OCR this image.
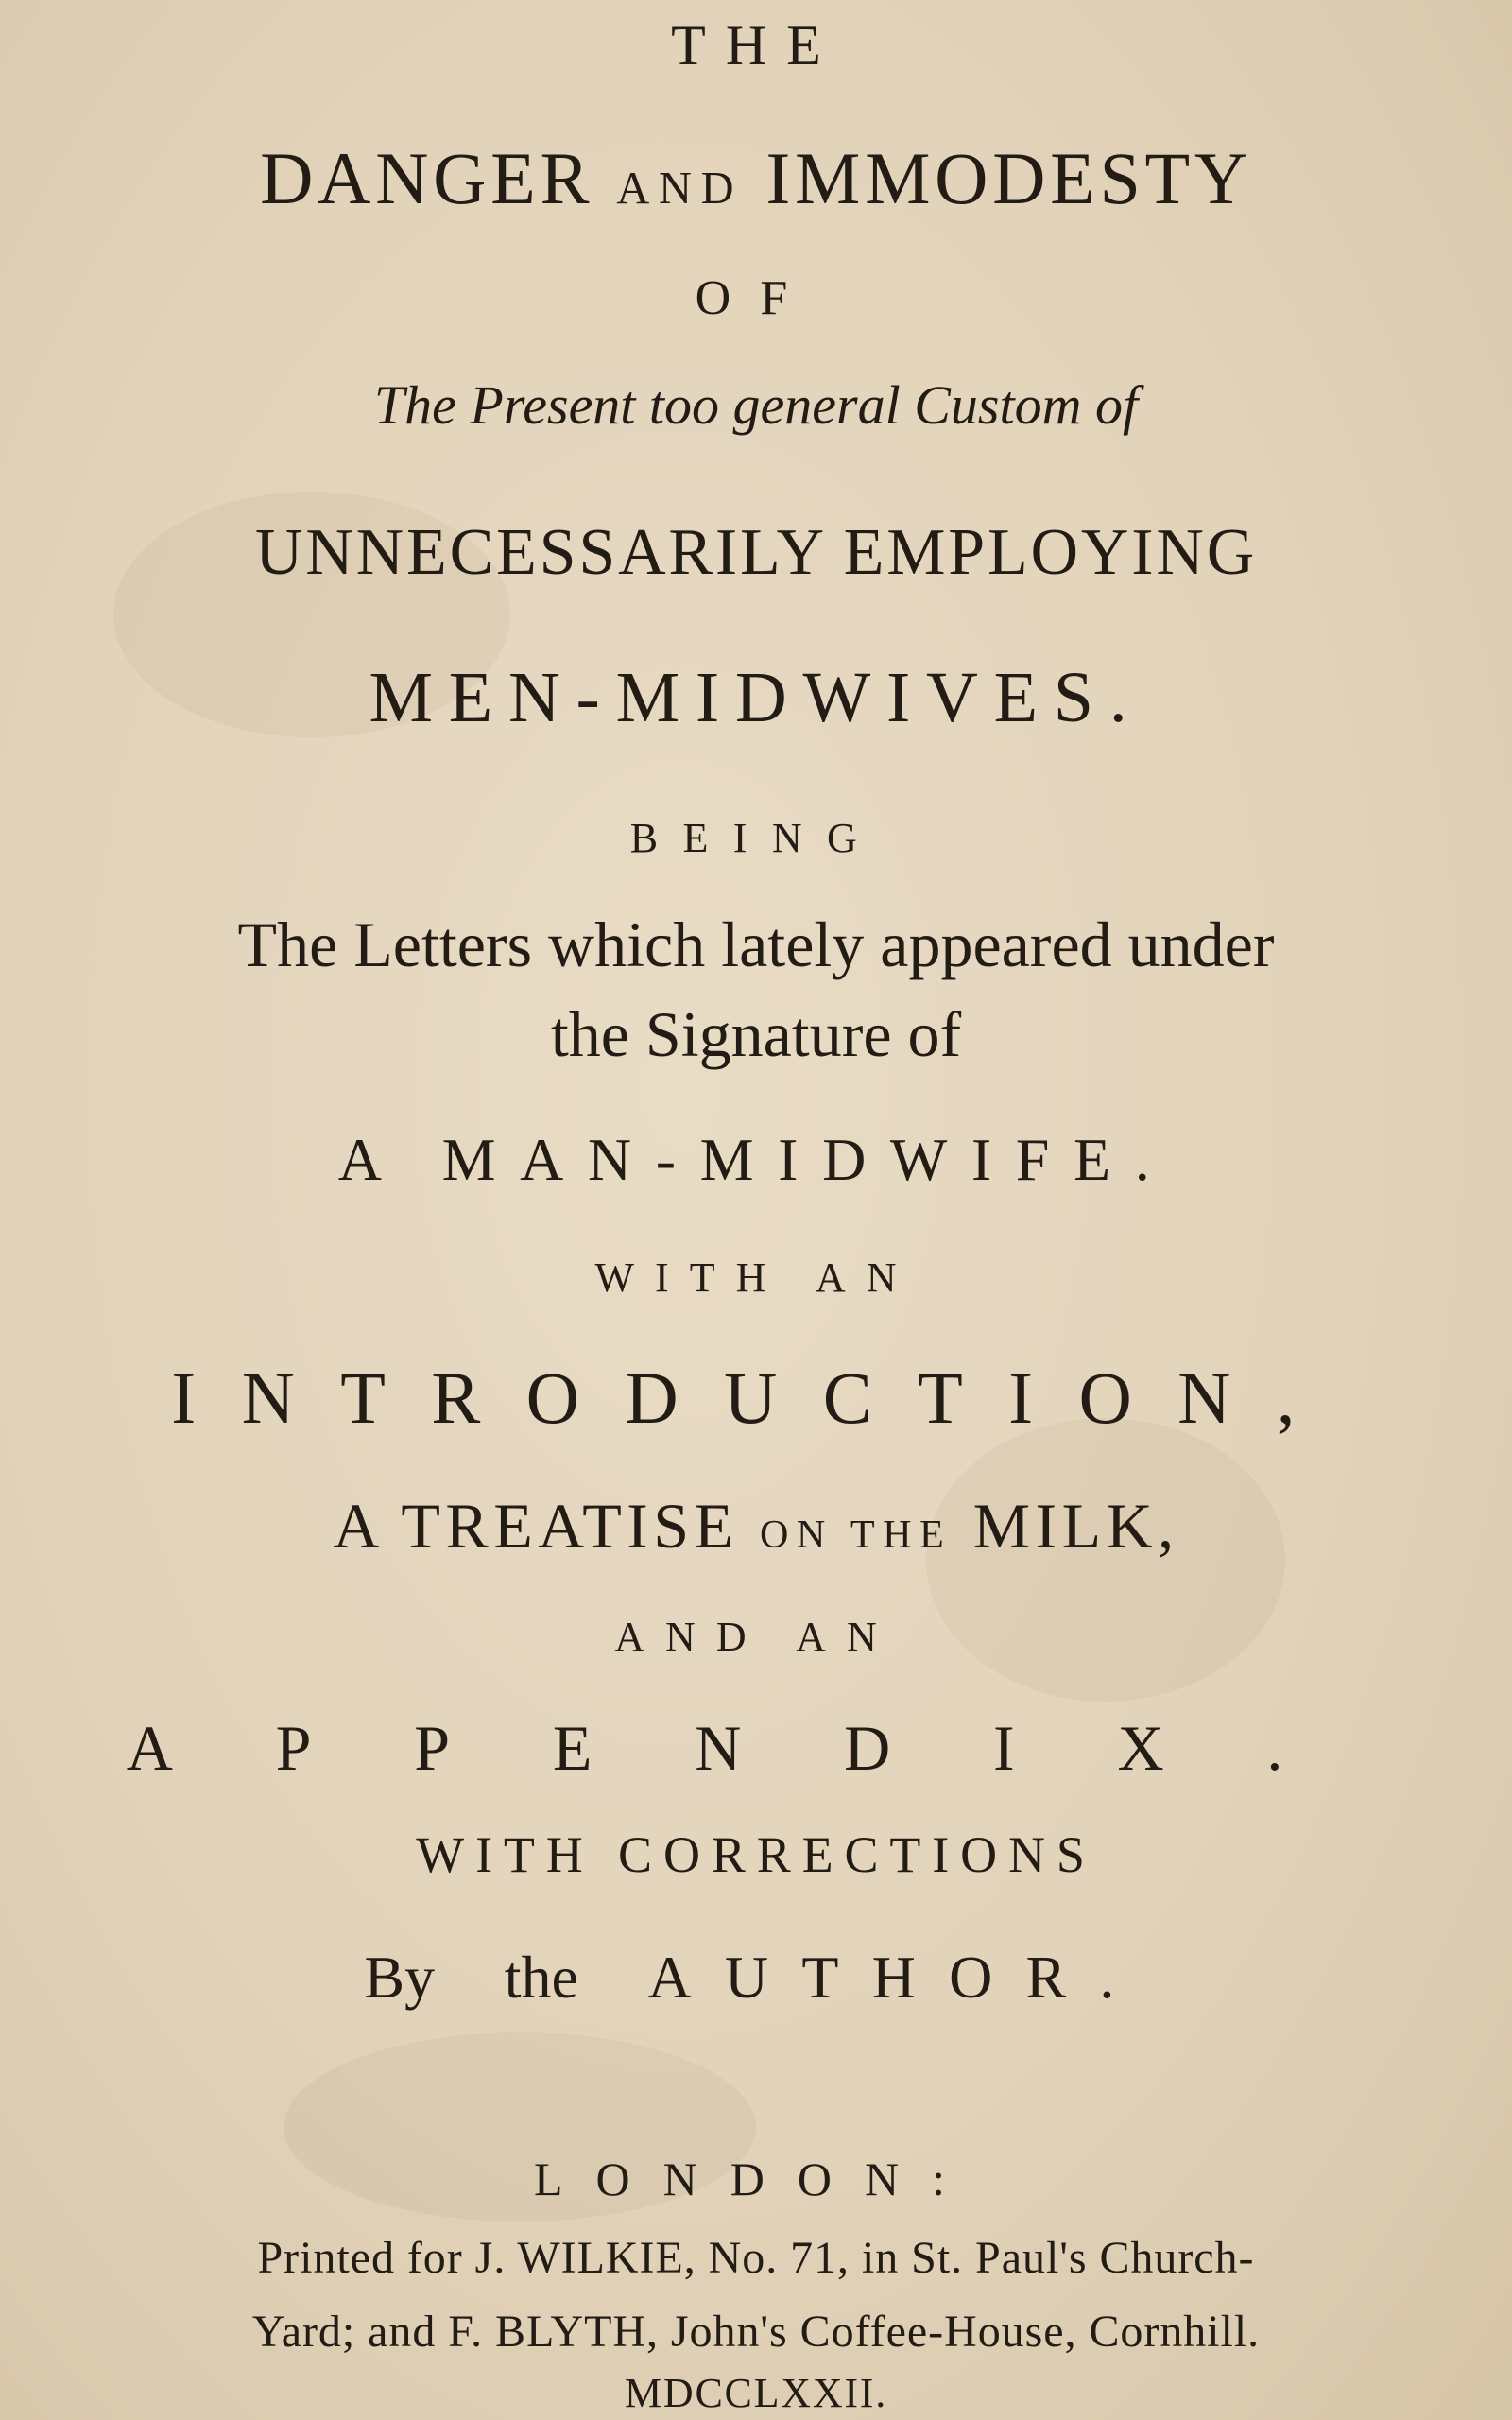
THE

DANGER AND IMMODESTY

OF

The Present too general Custom of

UNNECESSARILY EMPLOYING

MEN-MIDWIVES.

BEING

The Letters which lately appeared under

the Signature of

A MAN-MIDWIFE.

WITH AN

INTRODUCTION,

A TREATISE ON THE MILK,

AND AN

APPENDIX.

WITH CORRECTIONS

By the AUTHOR.

LONDON:

Printed for J. WILKIE, No. 71, in St. Paul's Church-

Yard; and F. BLYTH, John's Coffee-House, Cornhill.

MDCCLXXII.
